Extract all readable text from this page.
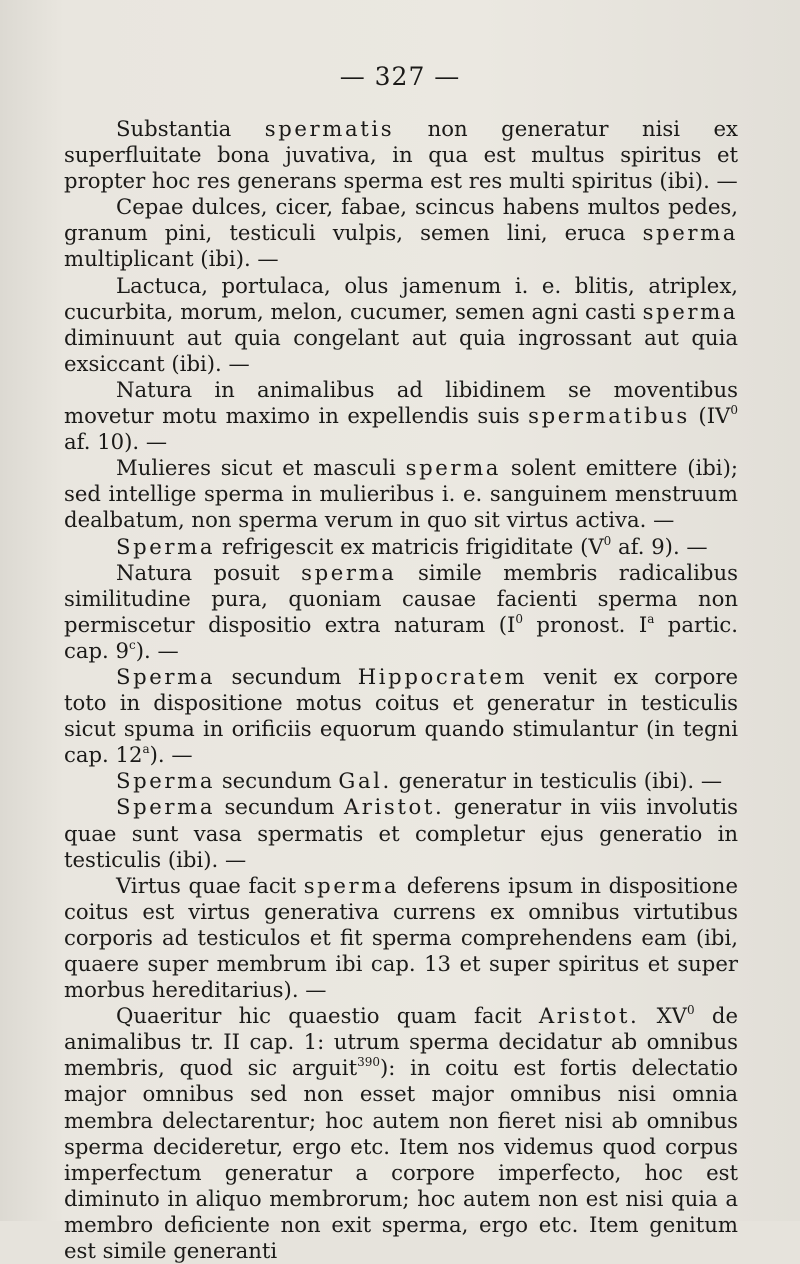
— 327 —

Substantia spermatis non generatur nisi ex superfluitate bona juvativa, in qua est multus spiritus et propter hoc res generans sperma est res multi spiritus (ibi). —

Cepae dulces, cicer, fabae, scincus habens multos pedes, granum pini, testiculi vulpis, semen lini, eruca sperma multiplicant (ibi). —

Lactuca, portulaca, olus jamenum i. e. blitis, atriplex, cucurbita, morum, melon, cucumer, semen agni casti sperma diminuunt aut quia congelant aut quia ingrossant aut quia exsiccant (ibi). —

Natura in animalibus ad libidinem se moventibus movetur motu maximo in expellendis suis spermatibus ($IV^0$ af. 10). —

Mulieres sicut et masculi sperma solent emittere (ibi); sed intellige sperma in mulieribus i. e. sanguinem menstruum dealbatum, non sperma verum in quo sit virtus activa. —

Sperma refrigescit ex matricis frigiditate ($V^0$ af. 9). —

Natura posuit sperma simile membris radicalibus similitudine pura, quoniam causae facienti sperma non permiscetur dispositio extra naturam ($I^0$ pronost. $I^a$ partic. cap. 9$^c$). —

Sperma secundum Hippocratem venit ex corpore toto in dispositione motus coitus et generatur in testiculis sicut spuma in orificiis equorum quando stimulantur (in tegni cap. 12$^a$). —

Sperma secundum Gal. generatur in testiculis (ibi). —

Sperma secundum Aristot. generatur in viis involutis quae sunt vasa spermatis et completur ejus generatio in testiculis (ibi). —

Virtus quae facit sperma deferens ipsum in dispositione coitus est virtus generativa currens ex omnibus virtutibus corporis ad testiculos et fit sperma comprehendens eam (ibi, quaere super membrum ibi cap. 13 et super spiritus et super morbus hereditarius). —

Quaeritur hic quaestio quam facit Aristot. $XV^0$ de animalibus tr. II cap. 1: utrum sperma decidatur ab omnibus membris, quod sic arguit$^{390}$): in coitu est fortis delectatio major omnibus sed non esset major omnibus nisi omnia membra delectarentur; hoc autem non fieret nisi ab omnibus sperma decideretur, ergo etc. Item nos videmus quod corpus imperfectum generatur a corpore imperfecto, hoc est diminuto in aliquo membrorum; hoc autem non est nisi quia a membro deficiente non exit sperma, ergo etc. Item genitum est simile generanti
